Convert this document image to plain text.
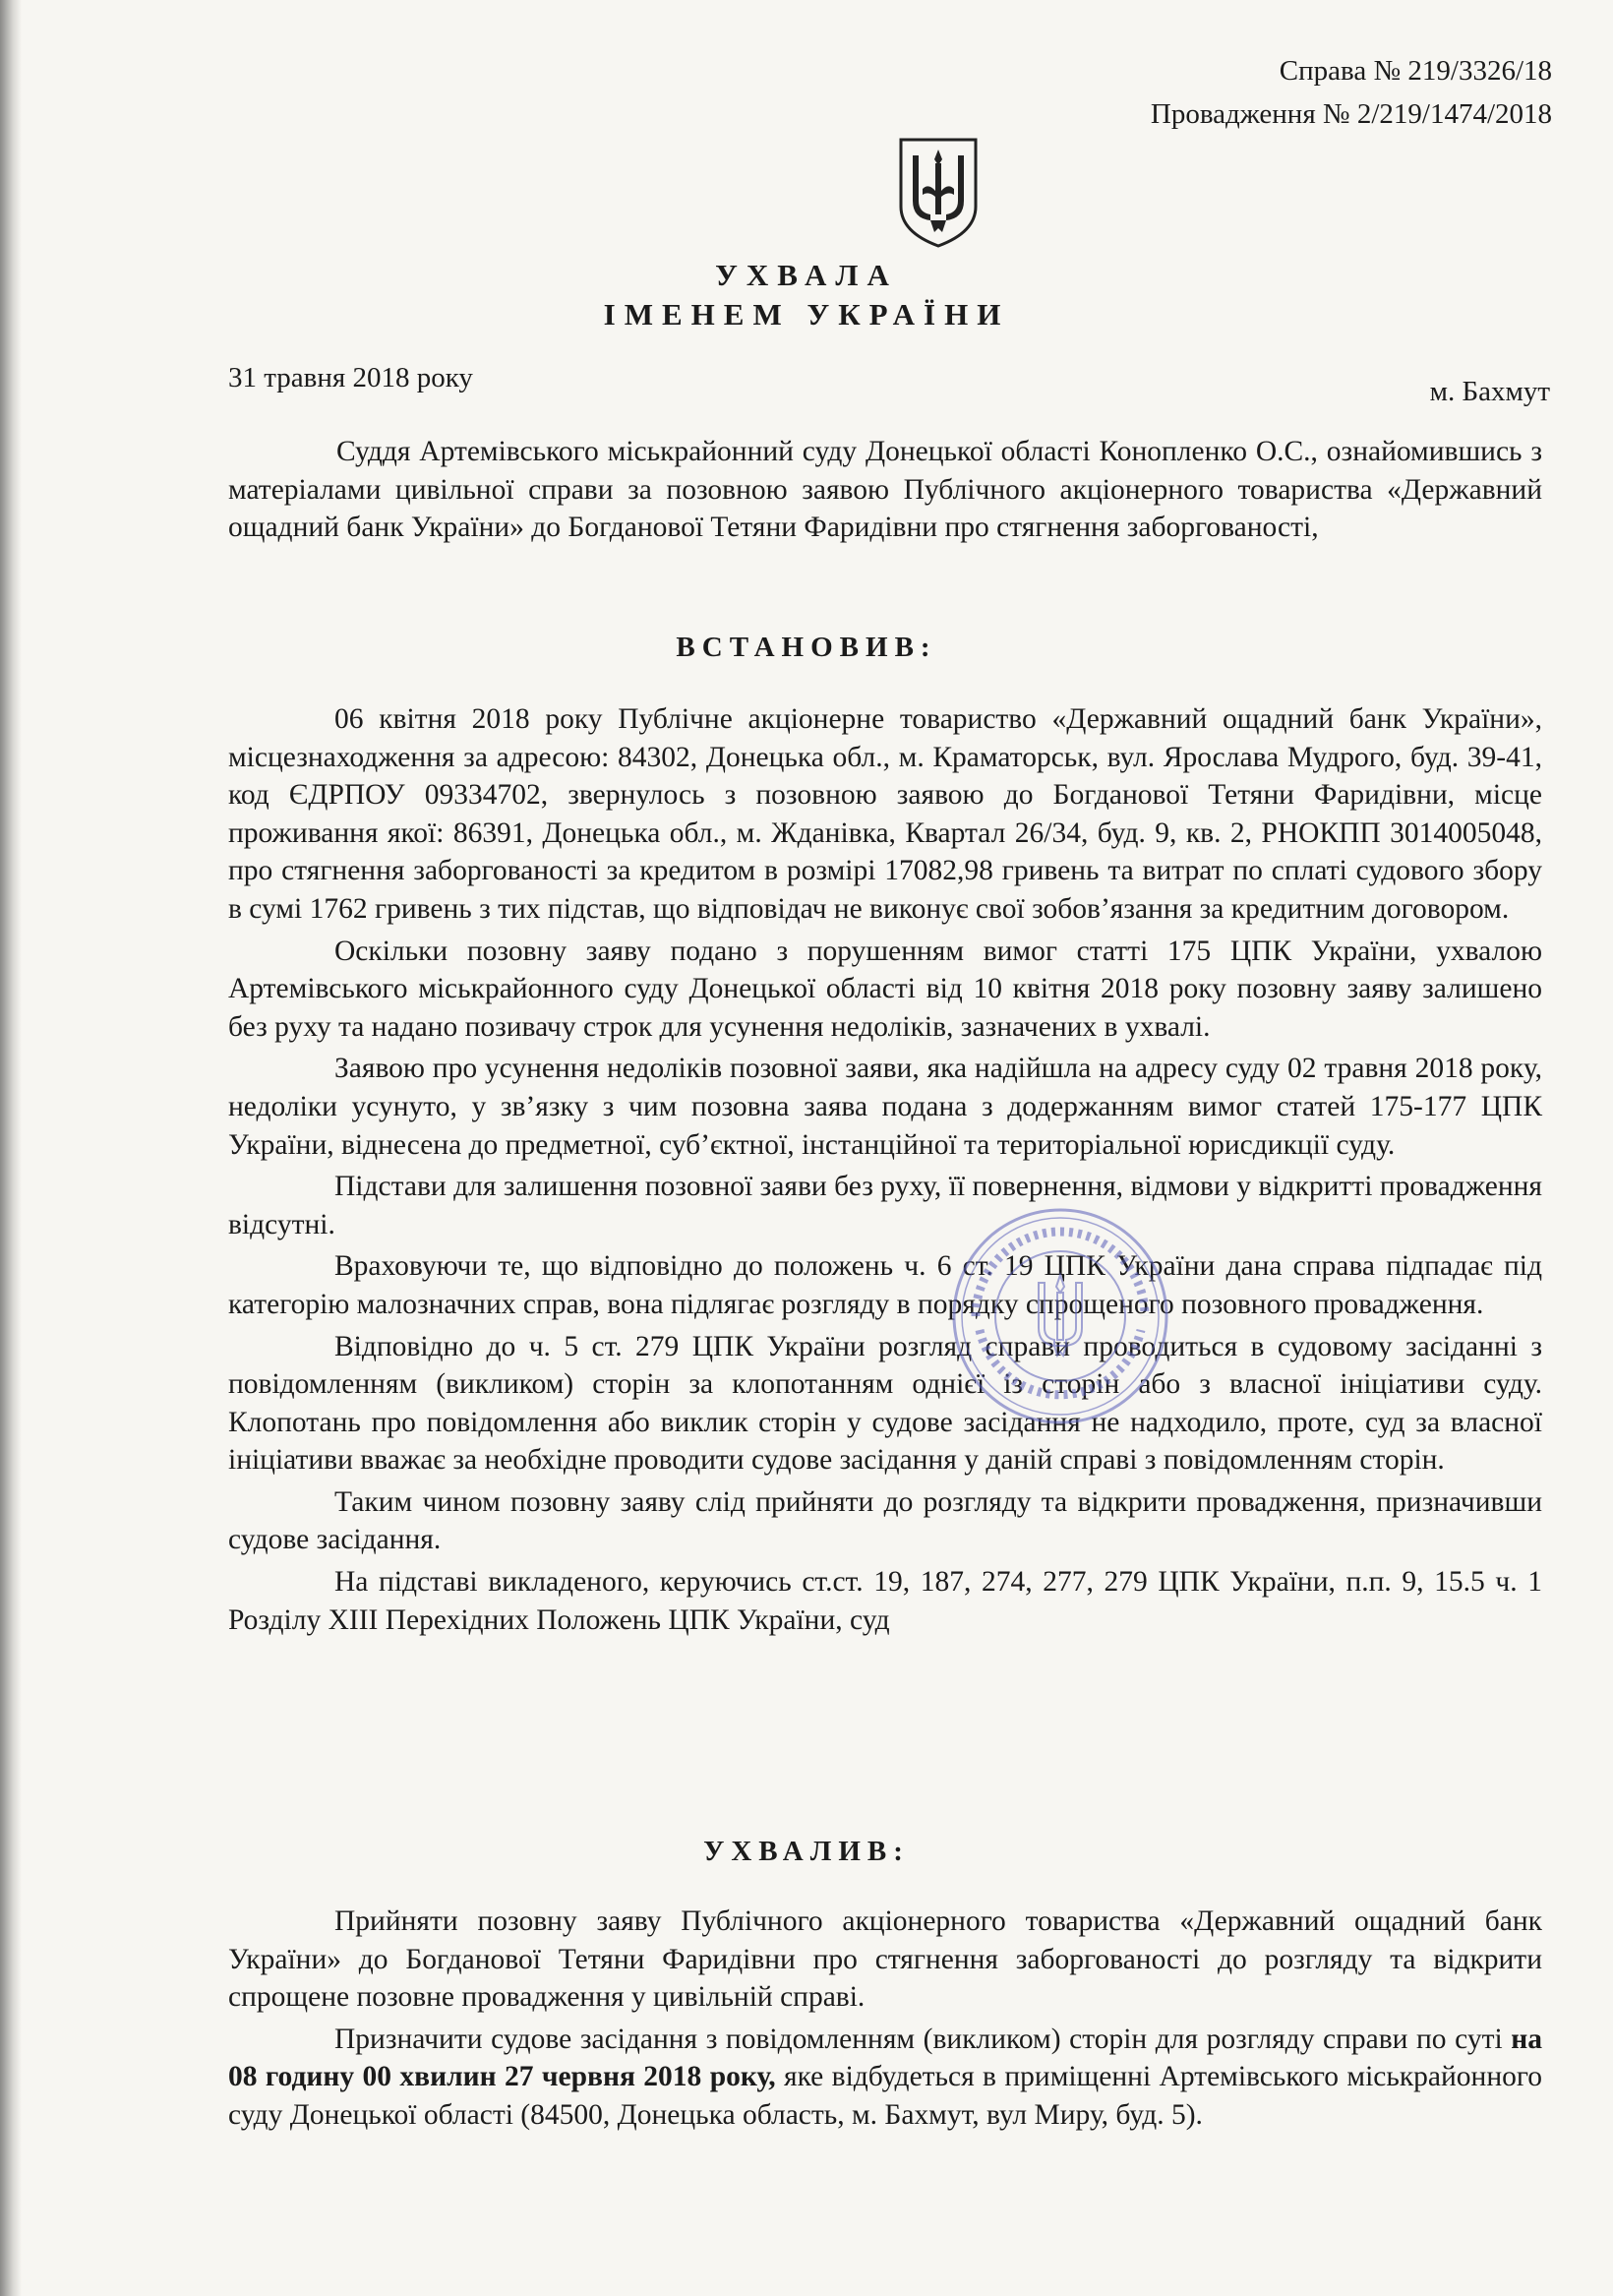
Справа № 219/3326/18
Провадження № 2/219/1474/2018
УХВАЛА
ІМЕНЕМ УКРАЇНИ
31 травня 2018 року	м. Бахмут

Суддя Артемівського міськрайонний суду Донецької області Конопленко О.С., ознайомившись з матеріалами цивільної справи за позовною заявою Публічного акціонерного товариства «Державний ощадний банк України» до Богданової Тетяни Фаридівни про стягнення заборгованості,

ВСТАНОВИВ:

06 квітня 2018 року Публічне акціонерне товариство «Державний ощадний банк України», місцезнаходження за адресою: 84302, Донецька обл., м. Краматорськ, вул. Ярослава Мудрого, буд. 39-41, код ЄДРПОУ 09334702, звернулось з позовною заявою до Богданової Тетяни Фаридівни, місце проживання якої: 86391, Донецька обл., м. Жданівка, Квартал 26/34, буд. 9, кв. 2, РНОКПП 3014005048, про стягнення заборгованості за кредитом в розмірі 17082,98 гривень та витрат по сплаті судового збору в сумі 1762 гривень з тих підстав, що відповідач не виконує свої зобов’язання за кредитним договором.

Оскільки позовну заяву подано з порушенням вимог статті 175 ЦПК України, ухвалою Артемівського міськрайонного суду Донецької області від 10 квітня 2018 року позовну заяву залишено без руху та надано позивачу строк для усунення недоліків, зазначених в ухвалі.

Заявою про усунення недоліків позовної заяви, яка надійшла на адресу суду 02 травня 2018 року, недоліки усунуто, у зв’язку з чим позовна заява подана з додержанням вимог статей 175-177 ЦПК України, віднесена до предметної, суб’єктної, інстанційної та територіальної юрисдикції суду.

Підстави для залишення позовної заяви без руху, її повернення, відмови у відкритті провадження відсутні.

Враховуючи те, що відповідно до положень ч. 6 ст. 19 ЦПК України дана справа підпадає під категорію малозначних справ, вона підлягає розгляду в порядку спрощеного позовного провадження.

Відповідно до ч. 5 ст. 279 ЦПК України розгляд справи проводиться в судовому засіданні з повідомленням (викликом) сторін за клопотанням однієї із сторін або з власної ініціативи суду. Клопотань про повідомлення або виклик сторін у судове засідання не надходило, проте, суд за власної ініціативи вважає за необхідне проводити судове засідання у даній справі з повідомленням сторін.

Таким чином позовну заяву слід прийняти до розгляду та відкрити провадження, призначивши судове засідання.

На підставі викладеного, керуючись ст.ст. 19, 187, 274, 277, 279 ЦПК України, п.п. 9, 15.5 ч. 1 Розділу XIII Перехідних Положень ЦПК України, суд

УХВАЛИВ:

Прийняти позовну заяву Публічного акціонерного товариства «Державний ощадний банк України» до Богданової Тетяни Фаридівни про стягнення заборгованості до розгляду та відкрити спрощене позовне провадження у цивільній справі.

Призначити судове засідання з повідомленням (викликом) сторін для розгляду справи по суті на 08 годину 00 хвилин 27 червня 2018 року, яке відбудеться в приміщенні Артемівського міськрайонного суду Донецької області (84500, Донецька область, м. Бахмут, вул Миру, буд. 5).
